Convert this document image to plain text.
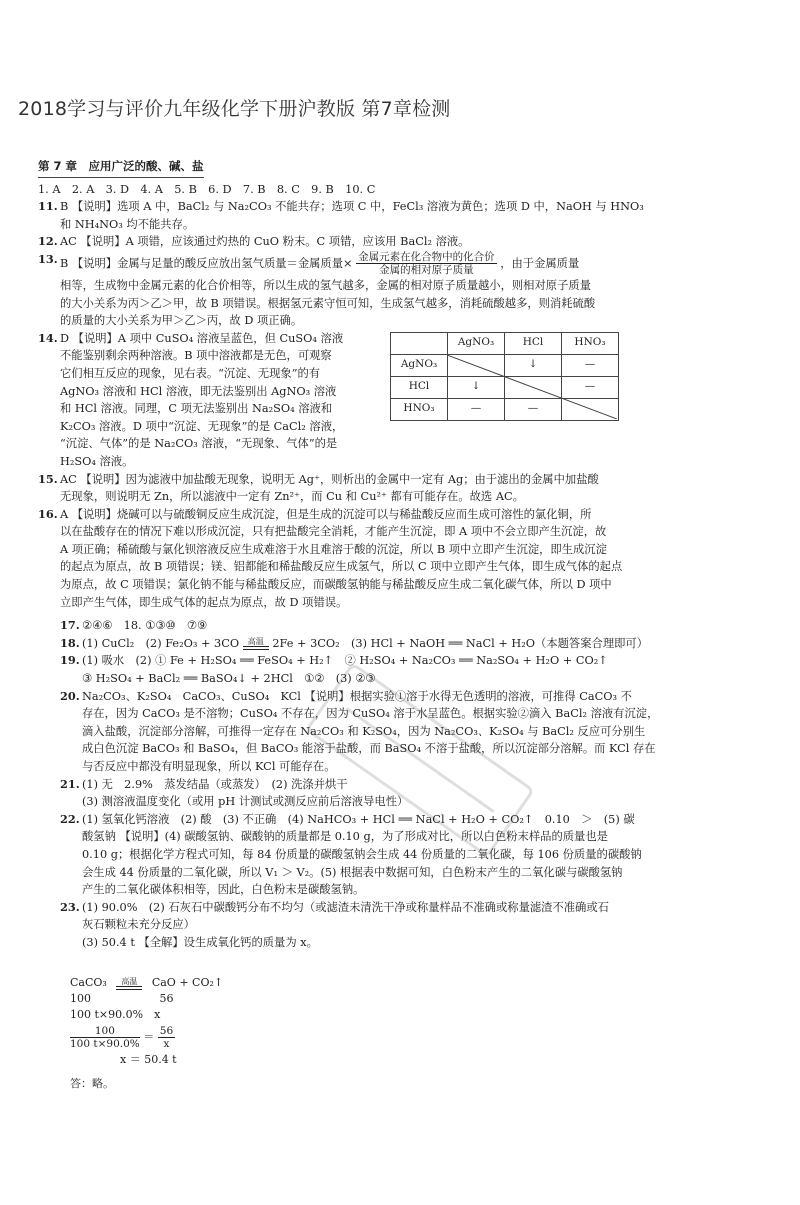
2018学习与评价九年级化学下册沪教版 第7章检测
第 7 章　应用广泛的酸、碱、盐
1. A　2. A　3. D　4. A　5. B　6. D　7. B　8. C　9. B　10. C
11. B 【说明】选项 A 中，BaCl₂ 与 Na₂CO₃ 不能共存；选项 C 中，FeCl₃ 溶液为黄色；选项 D 中，NaOH 与 HNO₃
和 NH₄NO₃ 均不能共存。
12. AC 【说明】A 项错，应该通过灼热的 CuO 粉末。C 项错，应该用 BaCl₂ 溶液。
13. B 【说明】金属与足量的酸反应放出氢气质量＝金属质量× $\frac{\text{金属元素在化合物中的化合价}}{\text{金属的相对原子质量}}$ ，由于金属质量
相等，生成物中金属元素的化合价相等，所以生成的氢气越多，金属的相对原子质量越小，则相对原子质量
的大小关系为丙＞乙＞甲，故 B 项错误。根据氢元素守恒可知，生成氢气越多，消耗硫酸越多，则消耗硫酸
的质量的大小关系为甲＞乙＞丙，故 D 项正确。
14. D 【说明】A 项中 CuSO₄ 溶液呈蓝色，但 CuSO₄ 溶液
不能鉴别剩余两种溶液。B 项中溶液都是无色，可观察
它们相互反应的现象，见右表。“沉淀、无现象”的有
AgNO₃ 溶液和 HCl 溶液，即无法鉴别出 AgNO₃ 溶液
和 HCl 溶液。同理，C 项无法鉴别出 Na₂SO₄ 溶液和
K₂CO₃ 溶液。D 项中“沉淀、无现象”的是 CaCl₂ 溶液，
“沉淀、气体”的是 Na₂CO₃ 溶液，“无现象、气体”的是
H₂SO₄ 溶液。
	AgNO₃	HCl	HNO₃
AgNO₃		↓	—
HCl	↓		—
HNO₃	—	—	
15. AC 【说明】因为滤液中加盐酸无现象，说明无 Ag⁺，则析出的金属中一定有 Ag；由于滤出的金属中加盐酸
无现象，则说明无 Zn，所以滤液中一定有 Zn²⁺，而 Cu 和 Cu²⁺ 都有可能存在。故选 AC。
16. A 【说明】烧碱可以与硫酸铜反应生成沉淀，但是生成的沉淀可以与稀盐酸反应而生成可溶性的氯化铜，所
以在盐酸存在的情况下难以形成沉淀，只有把盐酸完全消耗，才能产生沉淀，即 A 项中不会立即产生沉淀，故
A 项正确；稀硫酸与氯化钡溶液反应生成难溶于水且难溶于酸的沉淀，所以 B 项中立即产生沉淀，即生成沉淀
的起点为原点，故 B 项错误；镁、铝都能和稀盐酸反应生成氢气，所以 C 项中立即产生气体，即生成气体的起点
为原点，故 C 项错误；氯化钠不能与稀盐酸反应，而碳酸氢钠能与稀盐酸反应生成二氧化碳气体，所以 D 项中
立即产生气体，即生成气体的起点为原点，故 D 项错误。
17. ②④⑥　18. ①③⑩　⑦⑨
18. (1) CuCl₂　(2) Fe₂O₃ + 3CO	高温 2Fe + 3CO₂　(3) HCl + NaOH ══ NaCl + H₂O（本题答案合理即可）
19. (1) 吸水　(2) ① Fe + H₂SO₄ ══ FeSO₄ + H₂↑　② H₂SO₄ + Na₂CO₃ ══ Na₂SO₄ + H₂O + CO₂↑
③ H₂SO₄ + BaCl₂ ══ BaSO₄↓ + 2HCl　①②　(3) ②③
20. Na₂CO₃、K₂SO₄　CaCO₃、CuSO₄　KCl 【说明】根据实验①溶于水得无色透明的溶液，可推得 CaCO₃ 不
存在，因为 CaCO₃ 是不溶物；CuSO₄ 不存在，因为 CuSO₄ 溶于水呈蓝色。根据实验②滴入 BaCl₂ 溶液有沉淀，
滴入盐酸，沉淀部分溶解，可推得一定存在 Na₂CO₃ 和 K₂SO₄，因为 Na₂CO₃、K₂SO₄ 与 BaCl₂ 反应可分别生
成白色沉淀 BaCO₃ 和 BaSO₄，但 BaCO₃ 能溶于盐酸，而 BaSO₄ 不溶于盐酸，所以沉淀部分溶解。而 KCl 存在
与否反应中都没有明显现象，所以 KCl 可能存在。
21. (1) 无　2.9%　蒸发结晶（或蒸发）　(2) 洗涤并烘干
(3) 测溶液温度变化（或用 pH 计测试或测反应前后溶液导电性）
22. (1) 氢氧化钙溶液　(2) 酸　(3) 不正确　(4) NaHCO₃ + HCl ══ NaCl + H₂O + CO₂↑　0.10　＞　(5) 碳
酸氢钠 【说明】(4) 碳酸氢钠、碳酸钠的质量都是 0.10 g，为了形成对比，所以白色粉末样品的质量也是
0.10 g；根据化学方程式可知，每 84 份质量的碳酸氢钠会生成 44 份质量的二氧化碳，每 106 份质量的碳酸钠
会生成 44 份质量的二氧化碳，所以 V₁ ＞ V₂。(5) 根据表中数据可知，白色粉末产生的二氧化碳与碳酸氢钠
产生的二氧化碳体积相等，因此，白色粉末是碳酸氢钠。
23. (1) 90.0%　(2) 石灰石中碳酸钙分布不均匀（或滤渣未清洗干净或称量样品不准确或称量滤渣不准确或石
灰石颗粒未充分反应）
(3) 50.4 t 【全解】设生成氧化钙的质量为 x。
CaCO₃	高温	CaO + CO₂↑
100	56
100 t×90.0%　x
$\frac{100}{100 t\times 90.0\%} = \frac{56}{x}$
x ＝ 50.4 t
答：略。
